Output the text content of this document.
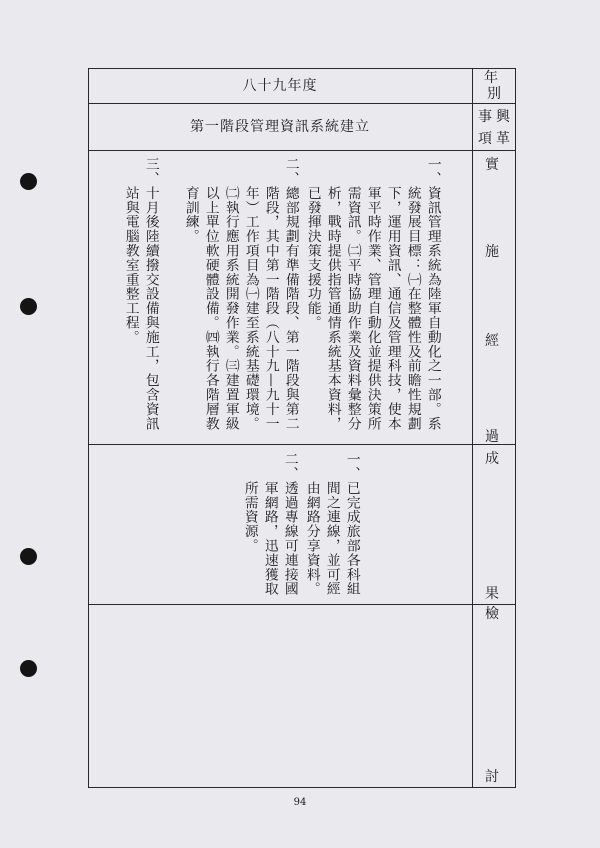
八十九年度
第一階段管理資訊系統建立
年
別
事
項
興
革
實
施
經
過
成
果
檢
討
一、資訊管理系統為陸軍自動化之一部。系
　　統發展目標：㈠在整體性及前瞻性規劃
　　下，運用資訊、通信及管理科技，使本
　　軍平時作業、管理自動化並提供決策所
　　需資訊。㈡平時協助作業及資料彙整分
　　析，戰時提供指管通情系統基本資料，
　　已發揮決策支援功能。
二、總部規劃有準備階段、第一階段與第二
　　階段，其中第一階段（八十九—九十一
　　年）工作項目為㈠建至系統基礎環境。
　　㈡執行應用系統開發作業。㈢建置軍級
　　以上單位軟硬體設備。㈣執行各階層教
　　育訓練。
三、十月後陸續撥交設備與施工，包含資訊
　　站與電腦教室重整工程。
一、已完成旅部各科組
　　間之連線，並可經
　　由網路分享資料。
二、透過專線可連接國
　　軍網路，迅速獲取
　　所需資源。
94
